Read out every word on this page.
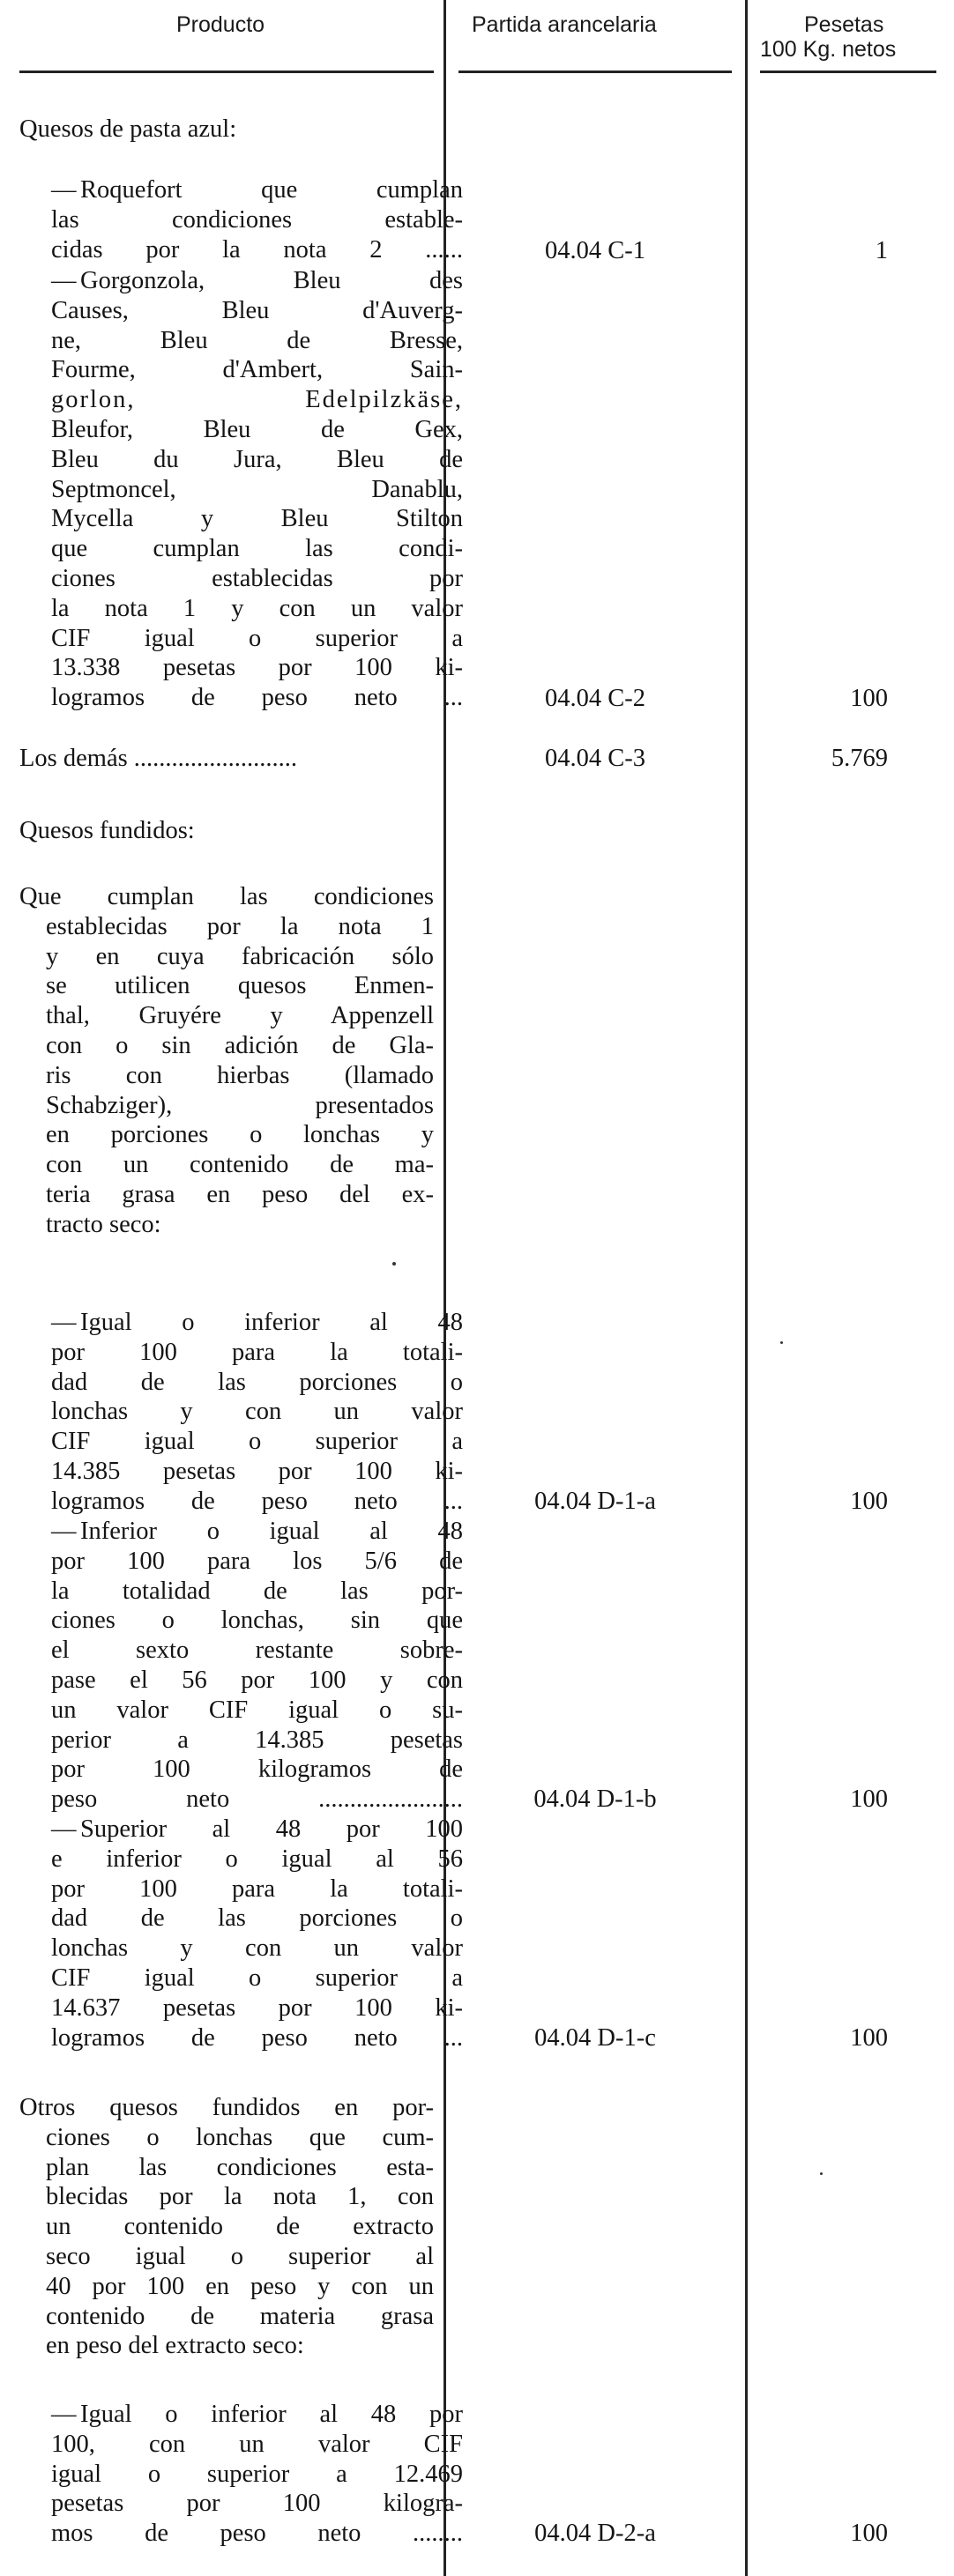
Producto	Partida arancelaria	Pesetas
100 Kg. netos
Quesos de pasta azul:
— Roquefort que cumplan
las condiciones estable-
cidas por la nota 2 ......	04.04 C-1	1
— Gorgonzola, Bleu des
Causes, Bleu d'Auverg-
ne, Bleu de Bresse,
Fourme, d'Ambert, Sain-
gorlon, Edelpilzkäse,
Bleufor, Bleu de Gex,
Bleu du Jura, Bleu de
Septmoncel, Danablu,
Mycella y Bleu Stilton
que cumplan las condi-
ciones establecidas por
la nota 1 y con un valor
CIF igual o superior a
13.338 pesetas por 100 ki-
logramos de peso neto ...	04.04 C-2	100
Los demás ..........................	04.04 C-3	5.769
Quesos fundidos:
Que cumplan las condiciones
establecidas por la nota 1
y en cuya fabricación sólo
se utilicen quesos Enmen-
thal, Gruyére y Appenzell
con o sin adición de Gla-
ris con hierbas (llamado
Schabziger), presentados
en porciones o lonchas y
con un contenido de ma-
teria grasa en peso del ex-
tracto seco:
— Igual o inferior al 48
por 100 para la totali-
dad de las porciones o
lonchas y con un valor
CIF igual o superior a
14.385 pesetas por 100 ki-
logramos de peso neto ...	04.04 D-1-a	100
— Inferior o igual al 48
por 100 para los 5/6 de
la totalidad de las por-
ciones o lonchas, sin que
el sexto restante sobre-
pase el 56 por 100 y con
un valor CIF igual o su-
perior a 14.385 pesetas
por 100 kilogramos de
peso neto .......................	04.04 D-1-b	100
— Superior al 48 por 100
e inferior o igual al 56
por 100 para la totali-
dad de las porciones o
lonchas y con un valor
CIF igual o superior a
14.637 pesetas por 100 ki-
logramos de peso neto ...	04.04 D-1-c	100
Otros quesos fundidos en por-
ciones o lonchas que cum-
plan las condiciones esta-
blecidas por la nota 1, con
un contenido de extracto
seco igual o superior al
40 por 100 en peso y con un
contenido de materia grasa
en peso del extracto seco:
— Igual o inferior al 48 por
100, con un valor CIF
igual o superior a 12.469
pesetas por 100 kilogra-
mos de peso neto ........	04.04 D-2-a	100
